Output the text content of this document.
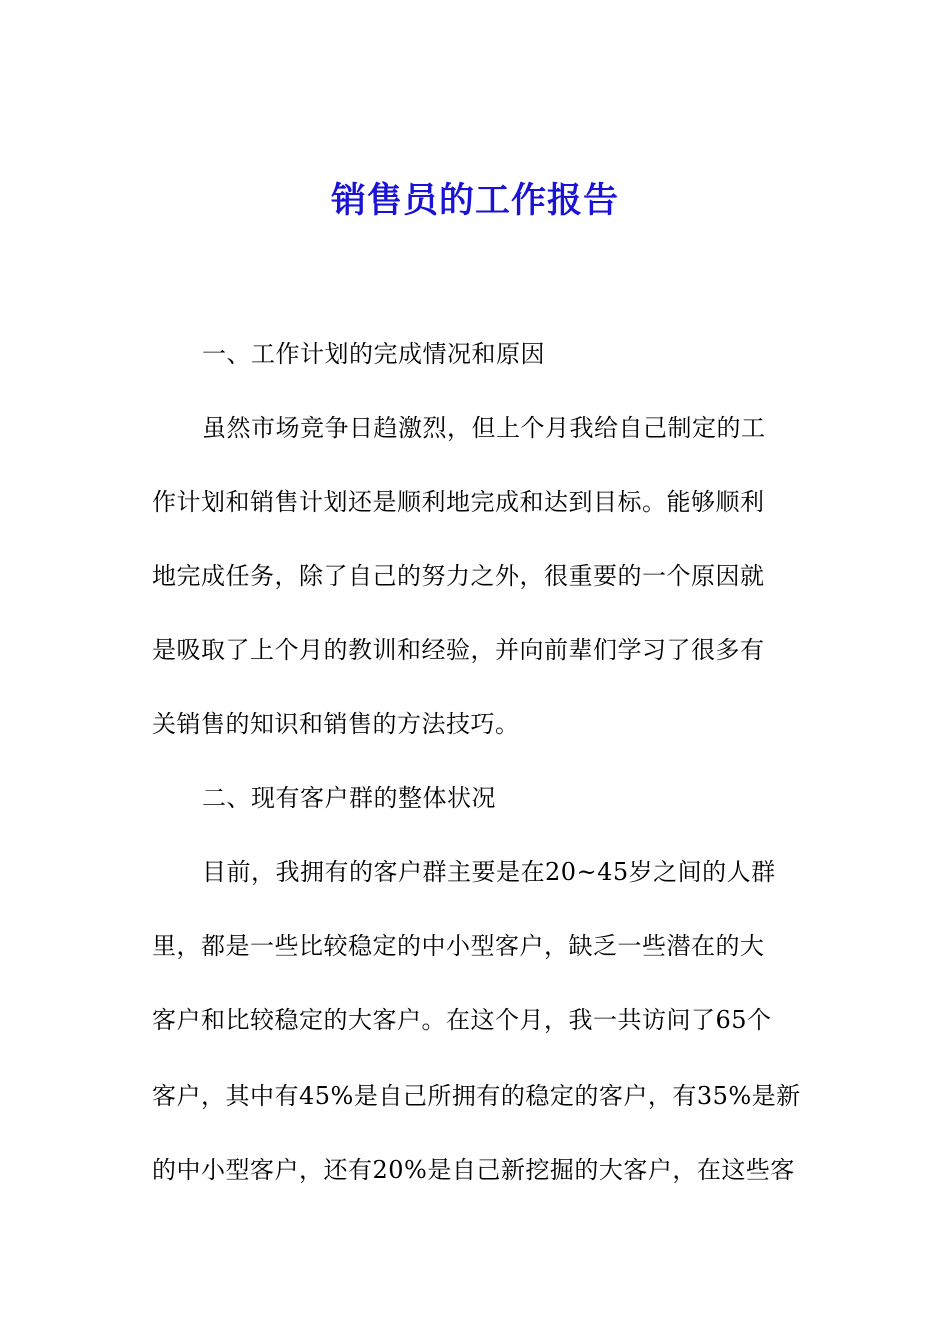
销售员的工作报告
一、工作计划的完成情况和原因
虽然市场竞争日趋激烈，但上个月我给自己制定的工
作计划和销售计划还是顺利地完成和达到目标。能够顺利
地完成任务，除了自己的努力之外，很重要的一个原因就
是吸取了上个月的教训和经验，并向前辈们学习了很多有
关销售的知识和销售的方法技巧。
二、现有客户群的整体状况
目前，我拥有的客户群主要是在20~45岁之间的人群
里，都是一些比较稳定的中小型客户，缺乏一些潜在的大
客户和比较稳定的大客户。在这个月，我一共访问了65个
客户，其中有45%是自己所拥有的稳定的客户，有35%是新
的中小型客户，还有20%是自己新挖掘的大客户，在这些客
